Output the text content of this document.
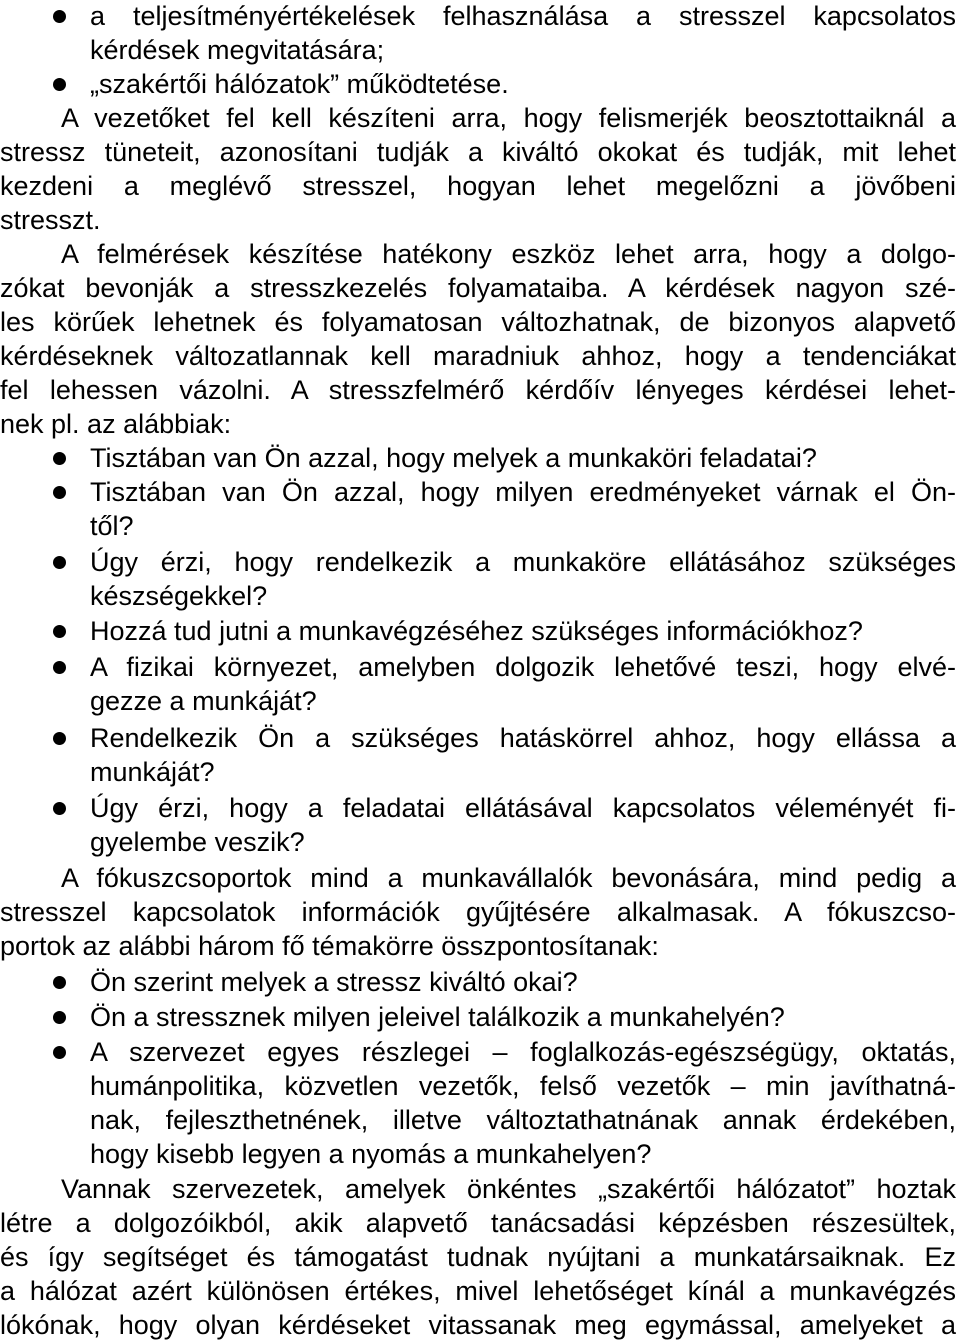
a teljesítményértékelések felhasználása a stresszel kapcsolatos
kérdések megvitatására;
„szakértői hálózatok” működtetése.
A vezetőket fel kell készíteni arra, hogy felismerjék beosztottaiknál a
stressz tüneteit, azonosítani tudják a kiváltó okokat és tudják, mit lehet
kezdeni a meglévő stresszel, hogyan lehet megelőzni a jövőbeni
stresszt.
A felmérések készítése hatékony eszköz lehet arra, hogy a dolgo-
zókat bevonják a stresszkezelés folyamataiba. A kérdések nagyon szé-
les körűek lehetnek és folyamatosan változhatnak, de bizonyos alapvető
kérdéseknek változatlannak kell maradniuk ahhoz, hogy a tendenciákat
fel lehessen vázolni. A stresszfelmérő kérdőív lényeges kérdései lehet-
nek pl. az alábbiak:
Tisztában van Ön azzal, hogy melyek a munkaköri feladatai?
Tisztában van Ön azzal, hogy milyen eredményeket várnak el Ön-
től?
Úgy érzi, hogy rendelkezik a munkaköre ellátásához szükséges
készségekkel?
Hozzá tud jutni a munkavégzéséhez szükséges információkhoz?
A fizikai környezet, amelyben dolgozik lehetővé teszi, hogy elvé-
gezze a munkáját?
Rendelkezik Ön a szükséges hatáskörrel ahhoz, hogy ellássa a
munkáját?
Úgy érzi, hogy a feladatai ellátásával kapcsolatos véleményét fi-
gyelembe veszik?
A fókuszcsoportok mind a munkavállalók bevonására, mind pedig a
stresszel kapcsolatok információk gyűjtésére alkalmasak. A fókuszcso-
portok az alábbi három fő témakörre összpontosítanak:
Ön szerint melyek a stressz kiváltó okai?
Ön a stressznek milyen jeleivel találkozik a munkahelyén?
A szervezet egyes részlegei – foglalkozás-egészségügy, oktatás,
humánpolitika, közvetlen vezetők, felső vezetők – min javíthatná-
nak, fejleszthetnének, illetve változtathatnának annak érdekében,
hogy kisebb legyen a nyomás a munkahelyen?
Vannak szervezetek, amelyek önkéntes „szakértői hálózatot” hoztak
létre a dolgozóikból, akik alapvető tanácsadási képzésben részesültek,
és így segítséget és támogatást tudnak nyújtani a munkatársaiknak. Ez
a hálózat azért különösen értékes, mivel lehetőséget kínál a munkavégzés
lókónak, hogy olyan kérdéseket vitassanak meg egymással, amelyeket a
